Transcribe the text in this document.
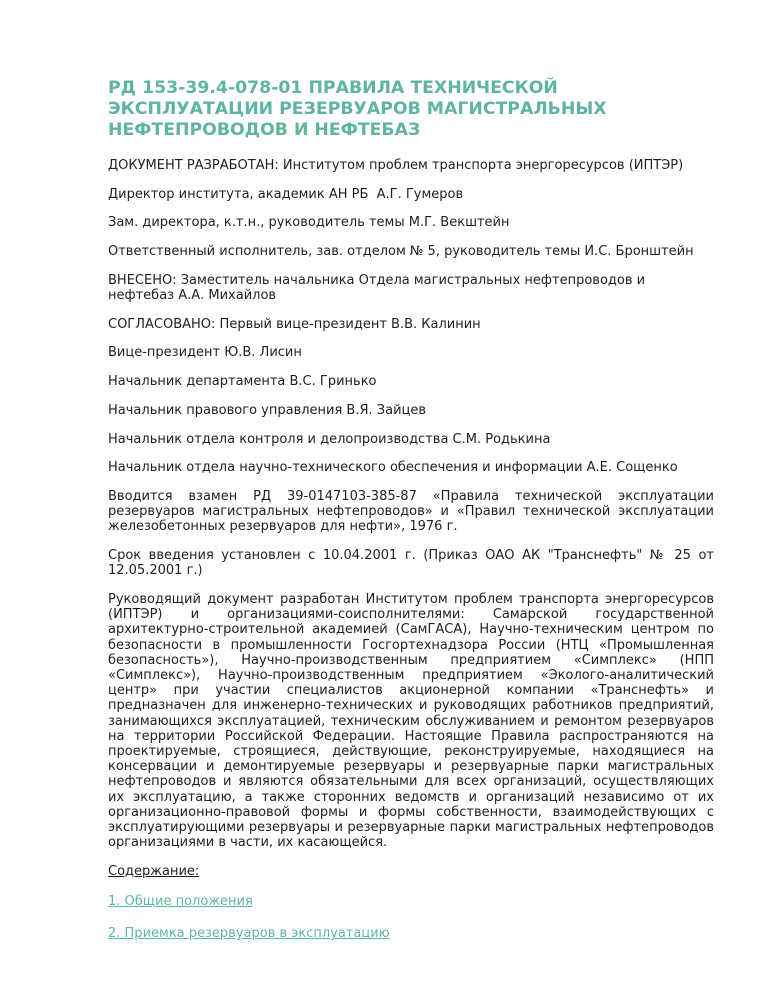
РД 153-39.4-078-01 ПРАВИЛА ТЕХНИЧЕСКОЙ ЭКСПЛУАТАЦИИ РЕЗЕРВУАРОВ МАГИСТРАЛЬНЫХ НЕФТЕПРОВОДОВ И НЕФТЕБАЗ

ДОКУМЕНТ РАЗРАБОТАН: Институтом проблем транспорта энергоресурсов (ИПТЭР)

Директор института, академик АН РБ  А.Г. Гумеров

Зам. директора, к.т.н., руководитель темы М.Г. Векштейн

Ответственный исполнитель, зав. отделом № 5, руководитель темы И.С. Бронштейн

ВНЕСЕНО: Заместитель начальника Отдела магистральных нефтепроводов и нефтебаз А.А. Михайлов

СОГЛАСОВАНО: Первый вице-президент В.В. Калинин

Вице-президент Ю.В. Лисин

Начальник департамента В.С. Гринько

Начальник правового управления В.Я. Зайцев

Начальник отдела контроля и делопроизводства С.М. Родькина

Начальник отдела научно-технического обеспечения и информации А.Е. Сощенко

Вводится взамен РД 39-0147103-385-87 «Правила технической эксплуатации резервуаров магистральных нефтепроводов» и «Правил технической эксплуатации железобетонных резервуаров для нефти», 1976 г.

Срок введения установлен с 10.04.2001 г. (Приказ ОАО АК "Транснефть" № 25 от 12.05.2001 г.)

Руководящий документ разработан Институтом проблем транспорта энергоресурсов (ИПТЭР) и организациями-соисполнителями: Самарской государственной архитектурно-строительной академией (СамГАСА), Научно-техническим центром по безопасности в промышленности Госгортехнадзора России (НТЦ «Промышленная безопасность»), Научно-производственным предприятием «Симплекс» (НПП «Симплекс»), Научно-производственным предприятием «Эколого-аналитический центр» при участии специалистов акционерной компании «Транснефть» и предназначен для инженерно-технических и руководящих работников предприятий, занимающихся эксплуатацией, техническим обслуживанием и ремонтом резервуаров на территории Российской Федерации. Настоящие Правила распространяются на проектируемые, строящиеся, действующие, реконструируемые, находящиеся на консервации и демонтируемые резервуары и резервуарные парки магистральных нефтепроводов и являются обязательными для всех организаций, осуществляющих их эксплуатацию, а также сторонних ведомств и организаций независимо от их организационно-правовой формы и формы собственности, взаимодействующих с эксплуатирующими резервуары и резервуарные парки магистральных нефтепроводов организациями в части, их касающейся.

Содержание:
1. Общие положения
2. Приемка резервуаров в эксплуатацию
